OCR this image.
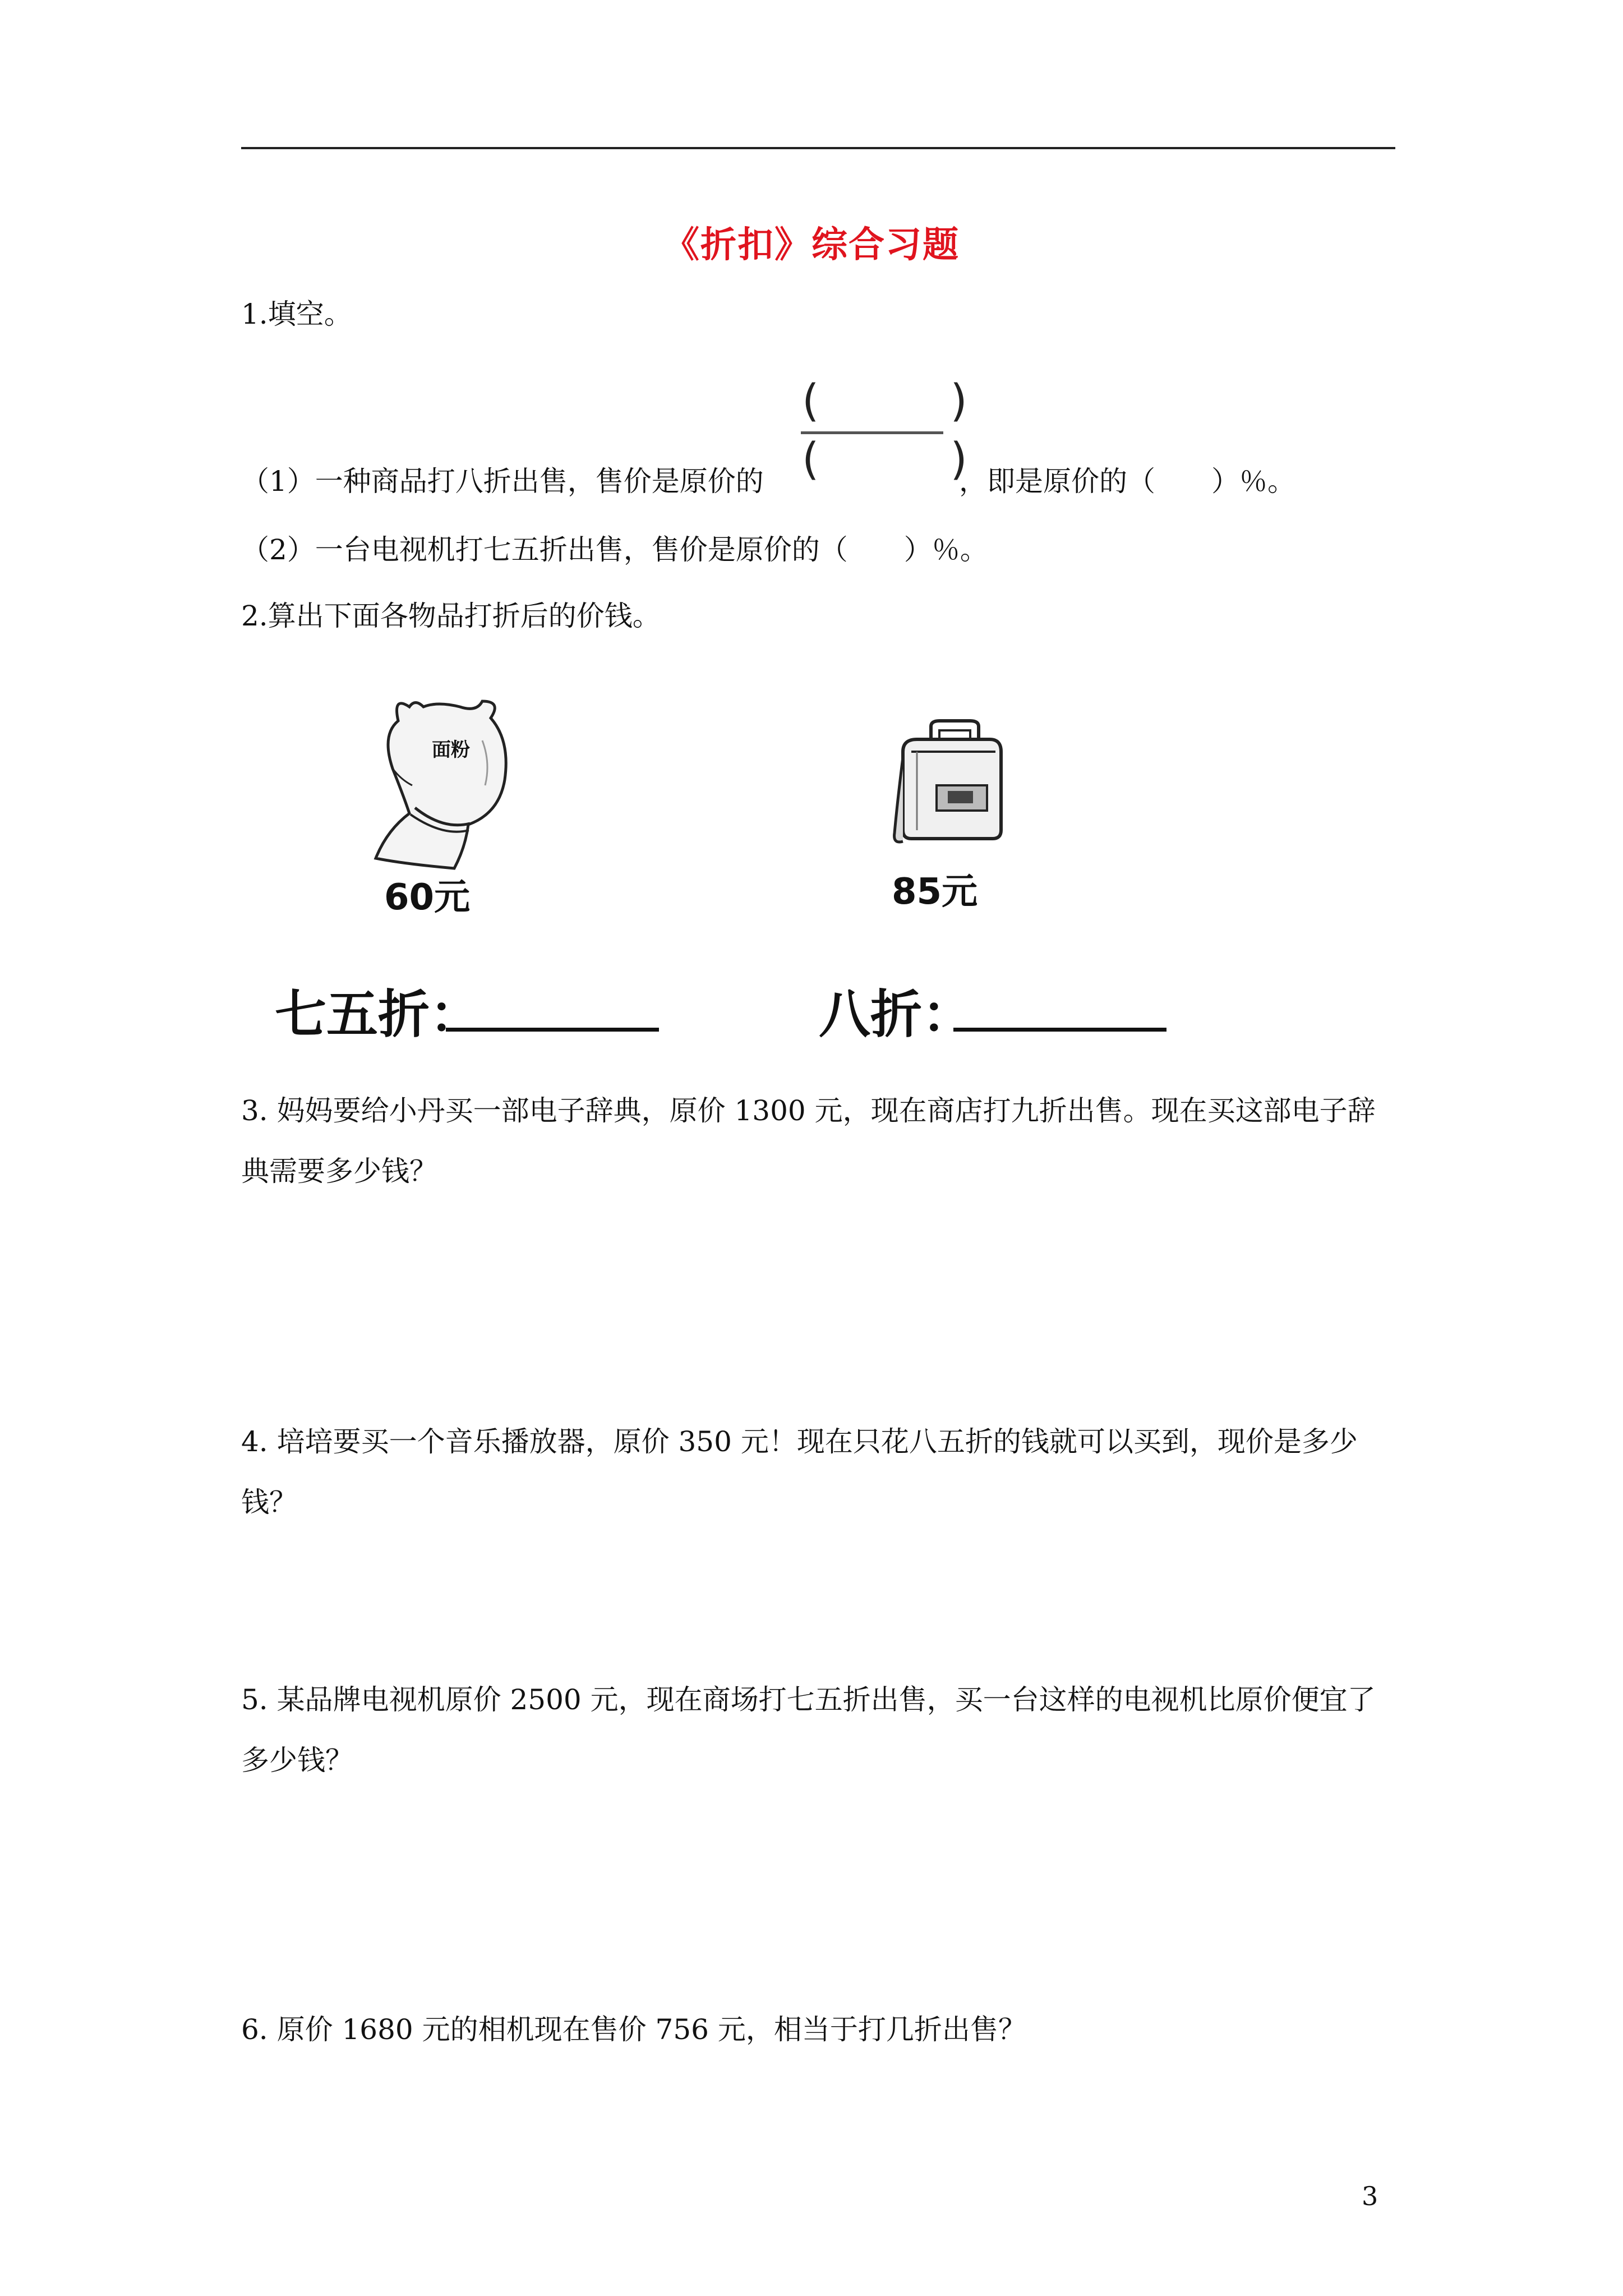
《折扣》综合习题
1.填空。
(　　　)
(　　　)
（1）一种商品打八折出售，售价是原价的	，即是原价的（　　）％。
（2）一台电视机打七五折出售，售价是原价的（　　）％。
2.算出下面各物品打折后的价钱。
面粉
60元	85元
七五折：	八折：
3. 妈妈要给小丹买一部电子辞典，原价 1300 元，现在商店打九折出售。现在买这部电子辞
典需要多少钱？
4. 培培要买一个音乐播放器，原价 350 元！现在只花八五折的钱就可以买到，现价是多少
钱？
5. 某品牌电视机原价 2500 元，现在商场打七五折出售，买一台这样的电视机比原价便宜了
多少钱？
6. 原价 1680 元的相机现在售价 756 元，相当于打几折出售？
3
